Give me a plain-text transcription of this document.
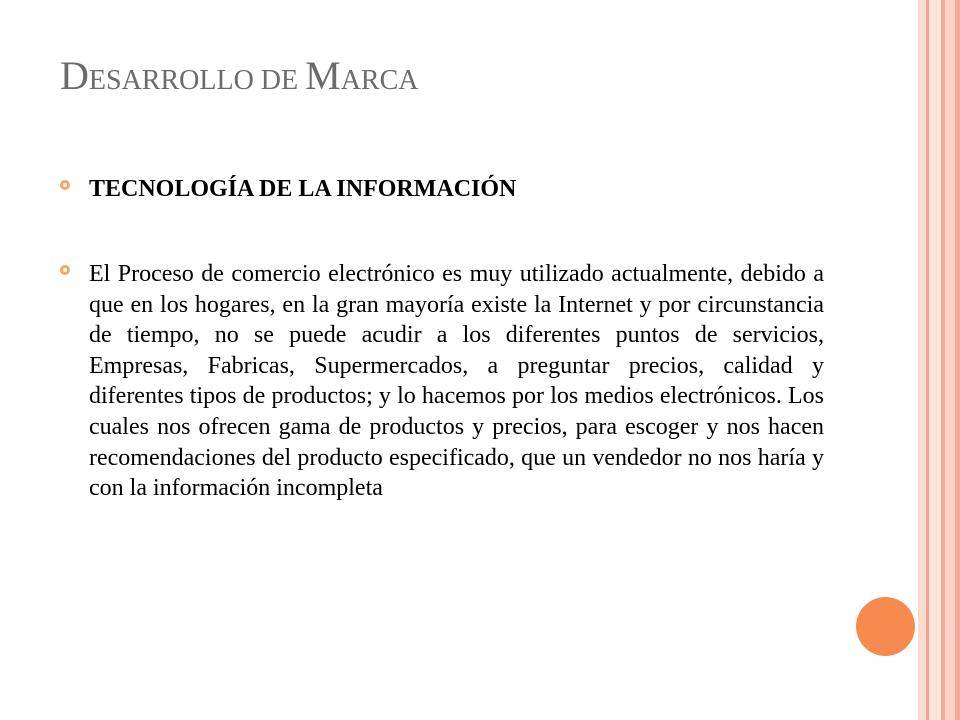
DESARROLLO DE MARCA
TECNOLOGÍA DE LA INFORMACIÓN
El Proceso de comercio electrónico es muy utilizado actualmente, debido a que en los hogares, en la gran mayoría existe la Internet y por circunstancia de tiempo, no se puede acudir a los diferentes puntos de servicios, Empresas, Fabricas, Supermercados, a preguntar precios, calidad y diferentes tipos de productos; y lo hacemos por los medios electrónicos. Los cuales nos ofrecen gama de productos y precios, para escoger y nos hacen recomendaciones del producto especificado, que un vendedor no nos haría y con la información incompleta
